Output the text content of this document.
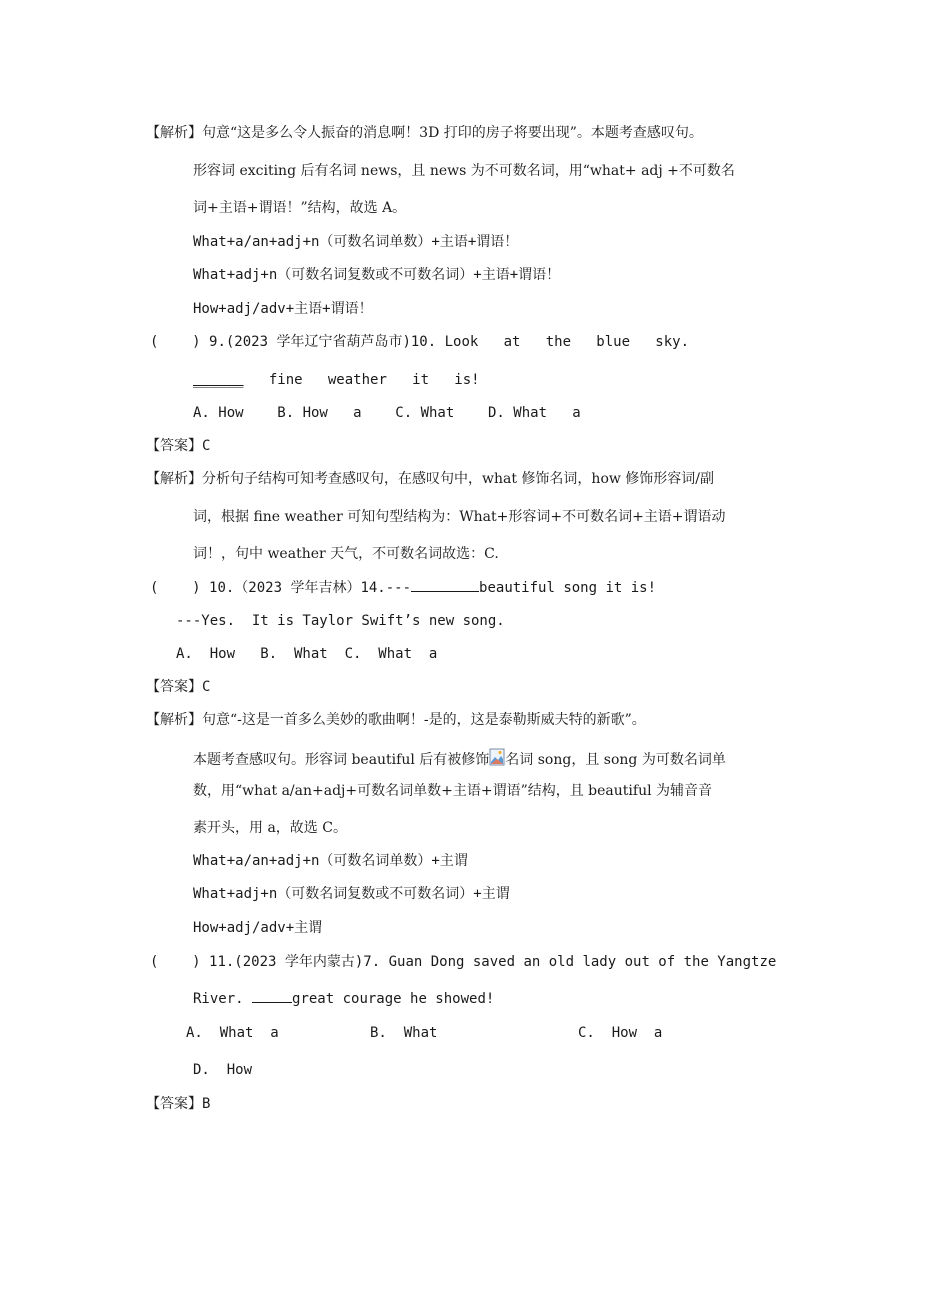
【解析】句意“这是多么令人振奋的消息啊！3D 打印的房子将要出现”。本题考查感叹句。
形容词 exciting 后有名词 news，且 news 为不可数名词，用“what+ adj +不可数名
词+主语+谓语！”结构，故选 A。
What+a/an+adj+n（可数名词单数）+主语+谓语！
What+adj+n（可数名词复数或不可数名词）+主语+谓语！
How+adj/adv+主语+谓语！
(    ) 9.(2023 学年辽宁省葫芦岛市)10. Look   at   the   blue   sky.
______   fine   weather   it   is!
A. How    B. How   a    C. What    D. What   a
【答案】C
【解析】分析句子结构可知考查感叹句，在感叹句中，what 修饰名词，how 修饰形容词/副
词，根据 fine weather 可知句型结构为：What+形容词+不可数名词+主语+谓语动
词！，句中 weather 天气，不可数名词故选：C.
(    ) 10.（2023 学年吉林）14.---	beautiful song it is!
---Yes.  It is Taylor Swift’s new song.
A.  How   B.  What  C.  What  a
【答案】C
【解析】句意“-这是一首多么美妙的歌曲啊！-是的，这是泰勒斯威夫特的新歌”。
本题考查感叹句。形容词 beautiful 后有被修饰 名词 song，且 song 为可数名词单
数，用“what a/an+adj+可数名词单数+主语+谓语”结构，且 beautiful 为辅音音
素开头，用 a，故选 C。
What+a/an+adj+n（可数名词单数）+主谓
What+adj+n（可数名词复数或不可数名词）+主谓
How+adj/adv+主谓
(    ) 11.(2023 学年内蒙古)7. Guan Dong saved an old lady out of the Yangtze
River.	great courage he showed!
A.  What  a	B.  What	C.  How  a
D.  How
【答案】B
